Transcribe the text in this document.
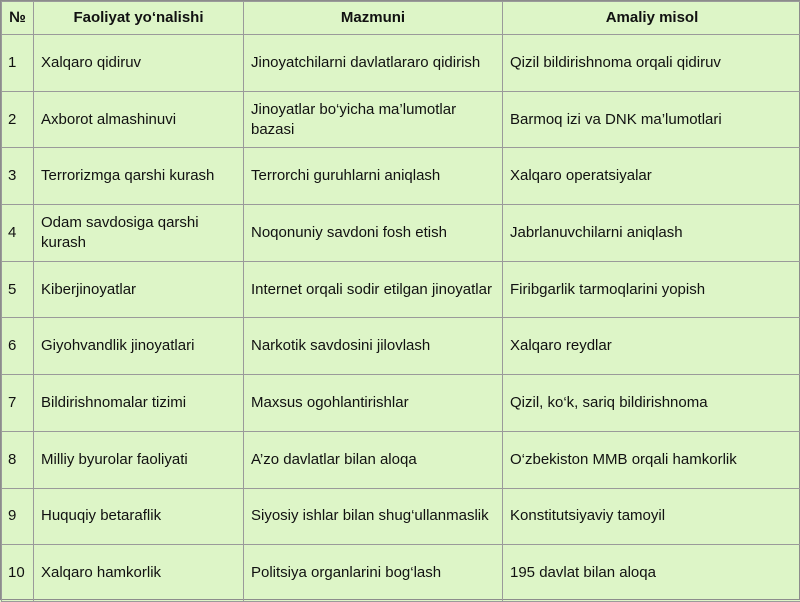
№	Faoliyat yo‘nalishi	Mazmuni	Amaliy misol
1	Xalqaro qidiruv	Jinoyatchilarni davlatlararo qidirish	Qizil bildirishnoma orqali qidiruv
2	Axborot almashinuvi	Jinoyatlar bo‘yicha ma’lumotlar bazasi	Barmoq izi va DNK ma’lumotlari
3	Terrorizmga qarshi kurash	Terrorchi guruhlarni aniqlash	Xalqaro operatsiyalar
4	Odam savdosiga qarshi kurash	Noqonuniy savdoni fosh etish	Jabrlanuvchilarni aniqlash
5	Kiberjinoyatlar	Internet orqali sodir etilgan jinoyatlar	Firibgarlik tarmoqlarini yopish
6	Giyohvandlik jinoyatlari	Narkotik savdosini jilovlash	Xalqaro reydlar
7	Bildirishnomalar tizimi	Maxsus ogohlantirishlar	Qizil, ko‘k, sariq bildirishnoma
8	Milliy byurolar faoliyati	A’zo davlatlar bilan aloqa	O‘zbekiston MMB orqali hamkorlik
9	Huquqiy betaraflik	Siyosiy ishlar bilan shug‘ullanmaslik	Konstitutsiyaviy tamoyil
10	Xalqaro hamkorlik	Politsiya organlarini bog‘lash	195 davlat bilan aloqa
